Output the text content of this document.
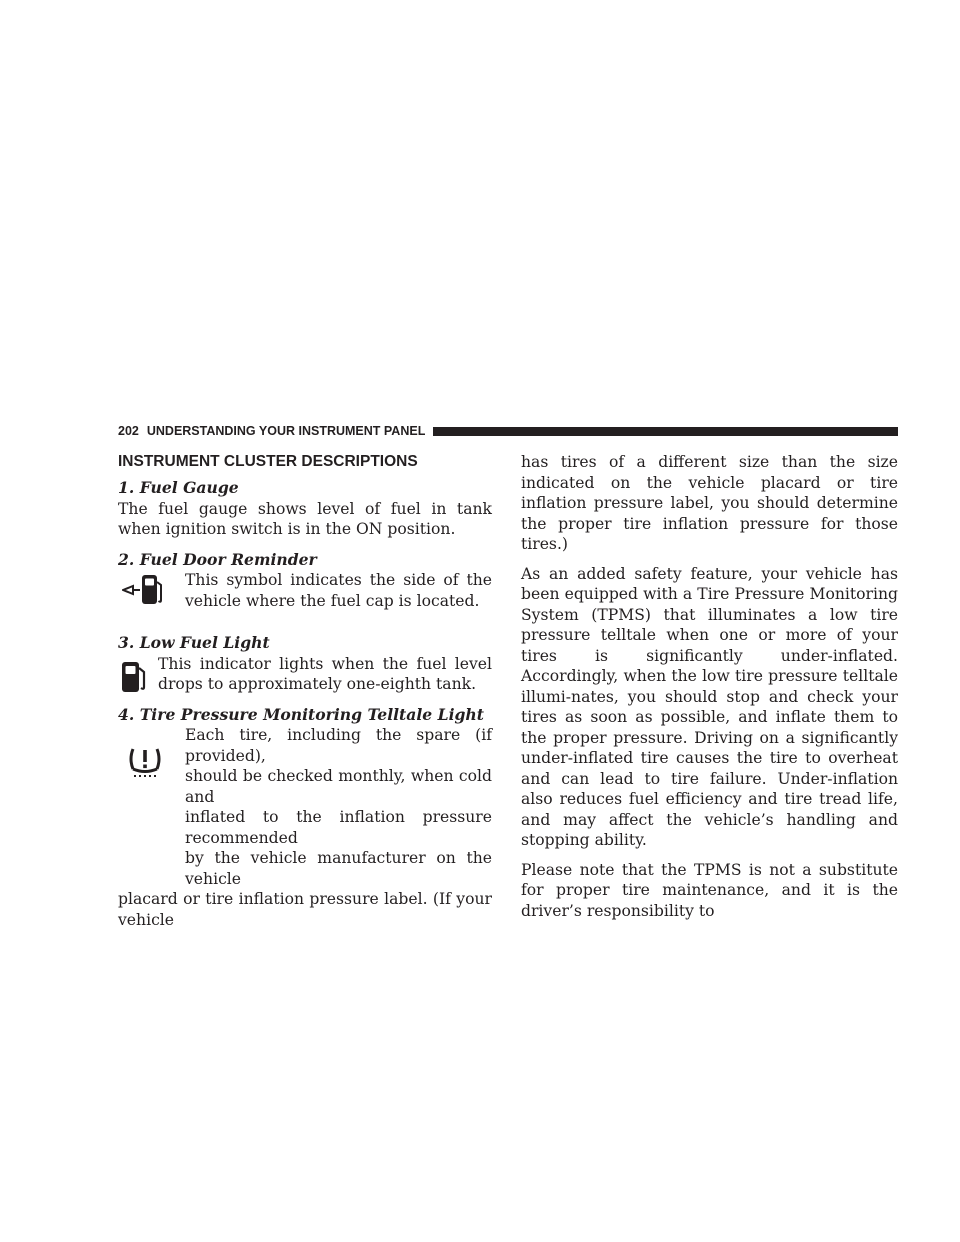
202 UNDERSTANDING YOUR INSTRUMENT PANEL
INSTRUMENT CLUSTER DESCRIPTIONS
1. Fuel Gauge

The fuel gauge shows level of fuel in tank when ignition switch is in the ON position.

2. Fuel Door Reminder

This symbol indicates the side of the vehicle where the fuel cap is located.

3. Low Fuel Light

This indicator lights when the fuel level drops to approximately one-eighth tank.

4. Tire Pressure Monitoring Telltale Light

Each tire, including the spare (if provided),

should be checked monthly, when cold and

inflated to the inflation pressure recommended

by the vehicle manufacturer on the vehicle

placard or tire inflation pressure label. (If your vehicle

has tires of a different size than the size indicated on the vehicle placard or tire inflation pressure label, you should determine the proper tire inflation pressure for those tires.)

As an added safety feature, your vehicle has been equipped with a Tire Pressure Monitoring System (TPMS) that illuminates a low tire pressure telltale when one or more of your tires is significantly under-inflated. Accordingly, when the low tire pressure telltale illumi-nates, you should stop and check your tires as soon as possible, and inflate them to the proper pressure. Driving on a significantly under-inflated tire causes the tire to overheat and can lead to tire failure. Under-inflation also reduces fuel efficiency and tire tread life, and may affect the vehicle’s handling and stopping ability.

Please note that the TPMS is not a substitute for proper tire maintenance, and it is the driver’s responsibility to
